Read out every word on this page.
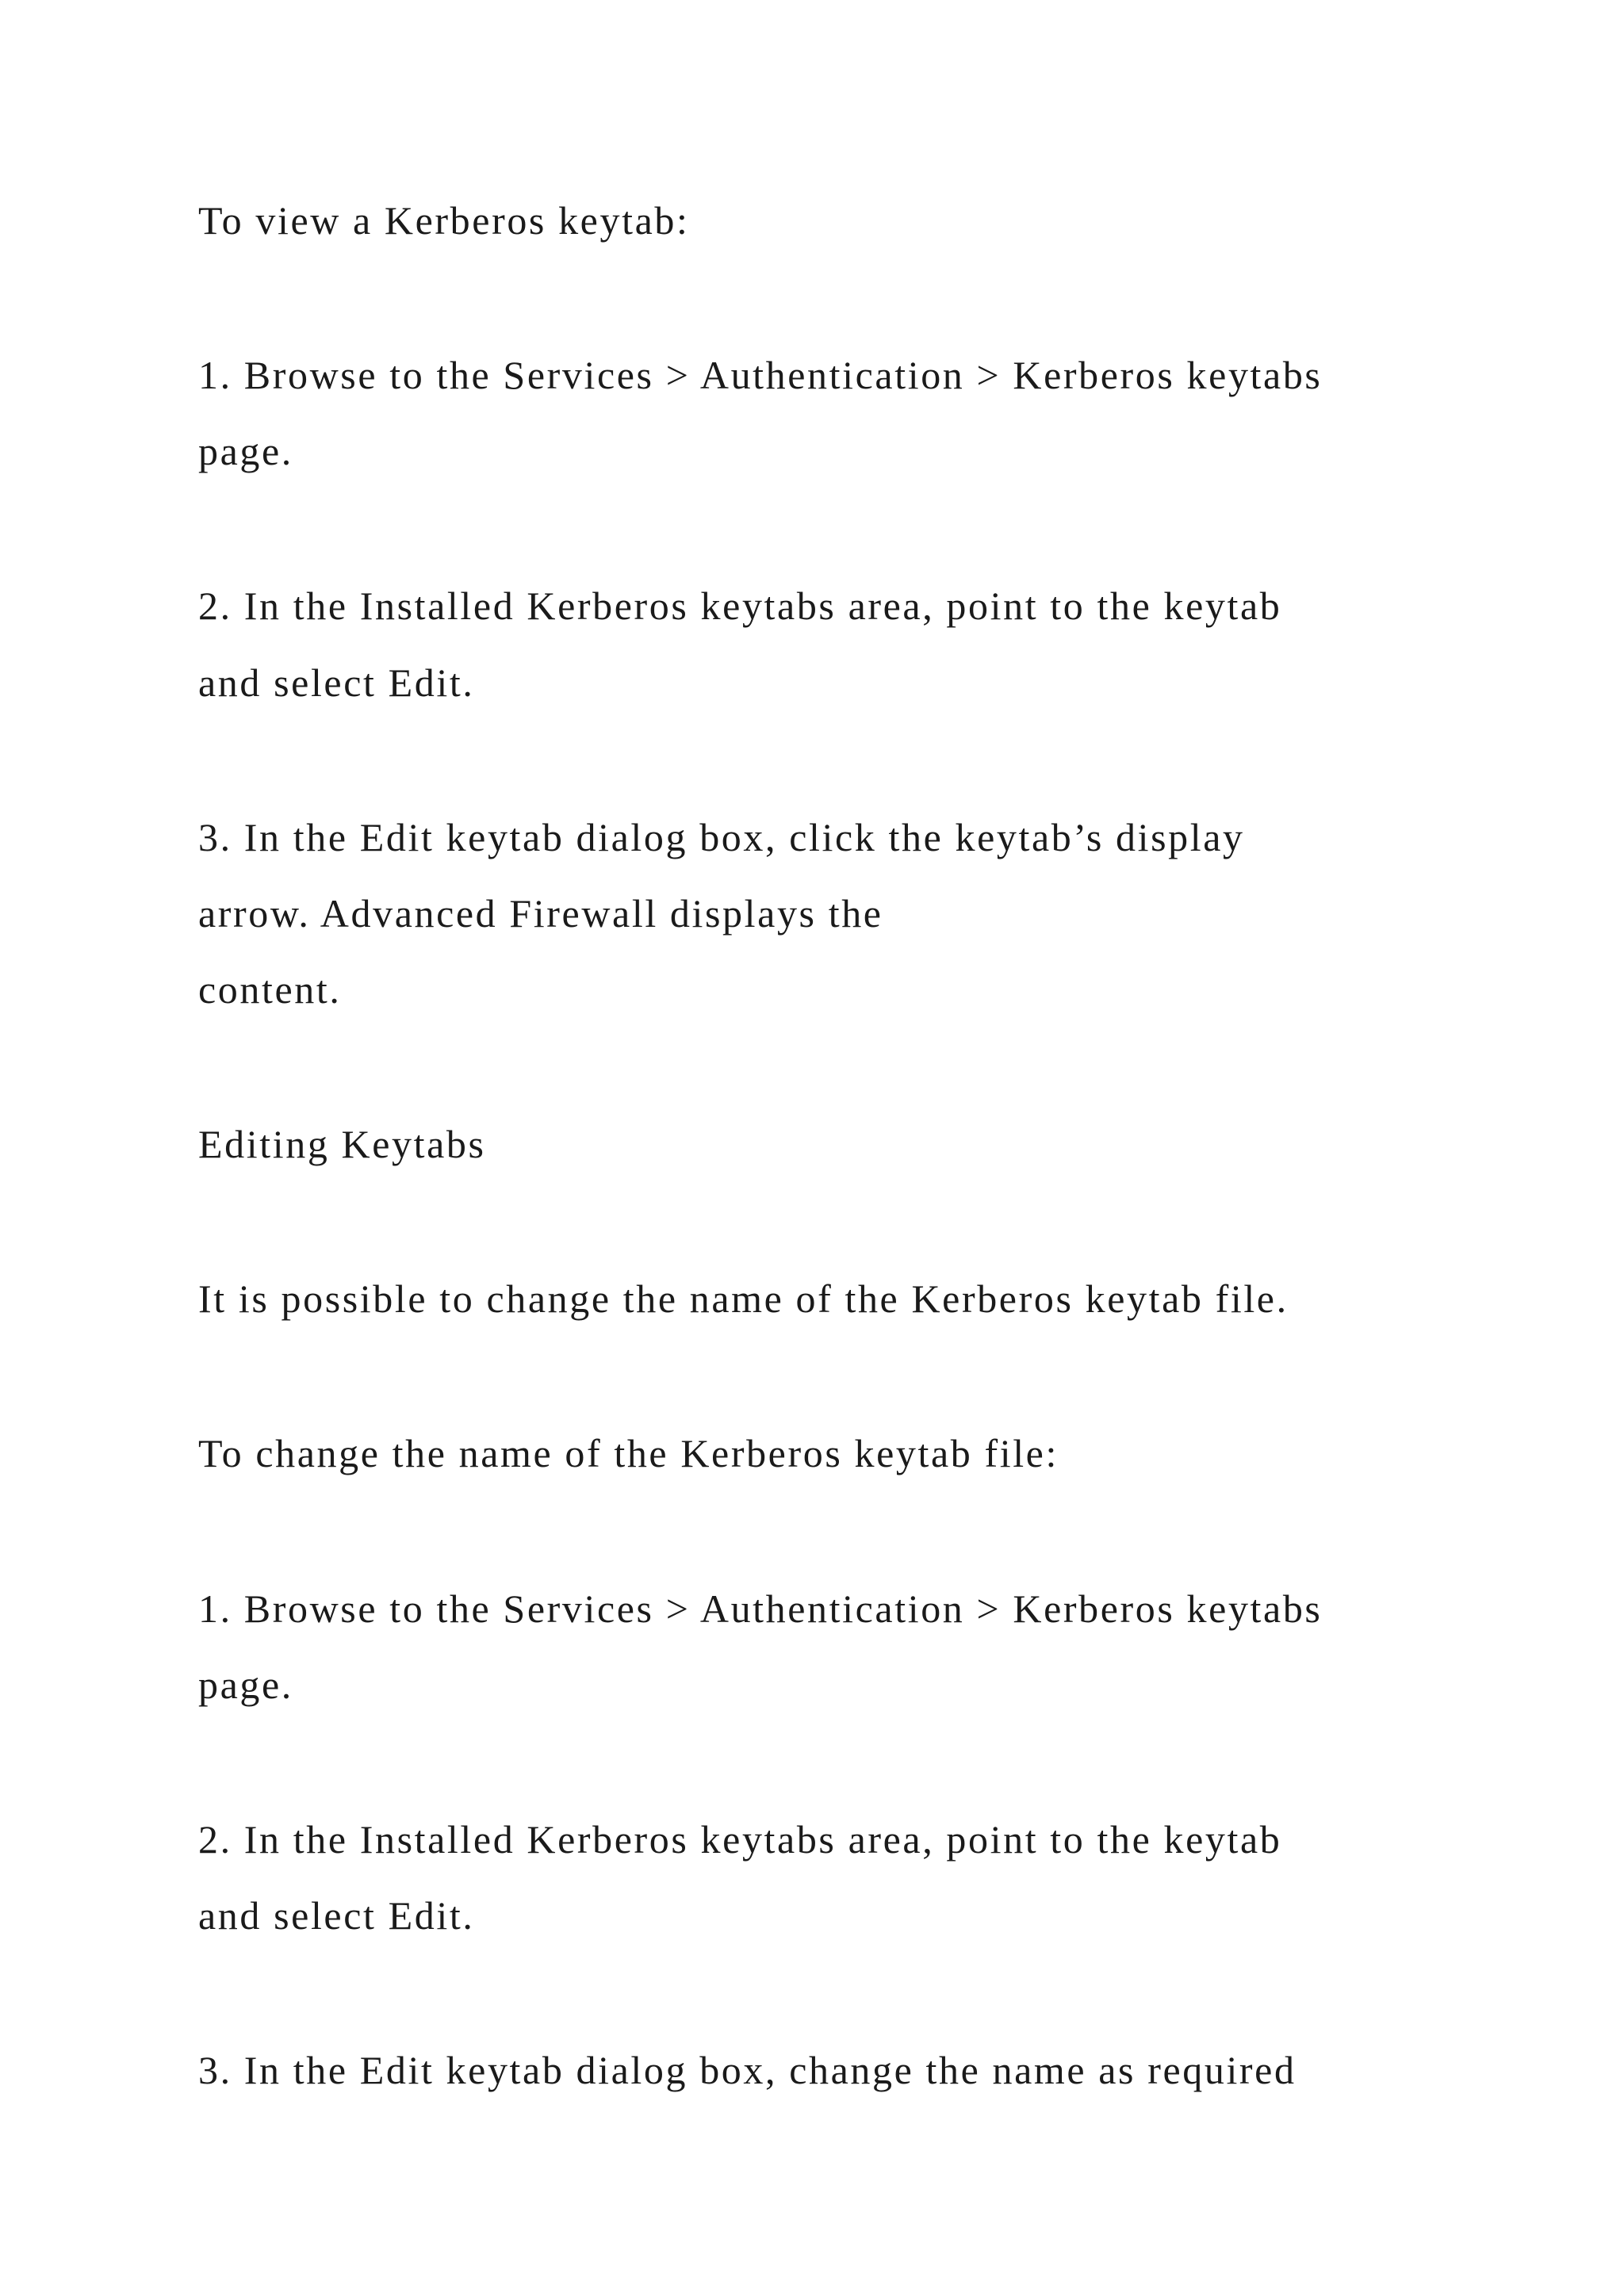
To view a Kerberos keytab:

1. Browse to the Services > Authentication > Kerberos keytabs

page.

2. In the Installed Kerberos keytabs area, point to the keytab

and select Edit.

3. In the Edit keytab dialog box, click the keytab’s display

arrow. Advanced Firewall displays the

content.

Editing Keytabs

It is possible to change the name of the Kerberos keytab file.

To change the name of the Kerberos keytab file:

1. Browse to the Services > Authentication > Kerberos keytabs

page.

2. In the Installed Kerberos keytabs area, point to the keytab

and select Edit.

3. In the Edit keytab dialog box, change the name as required
